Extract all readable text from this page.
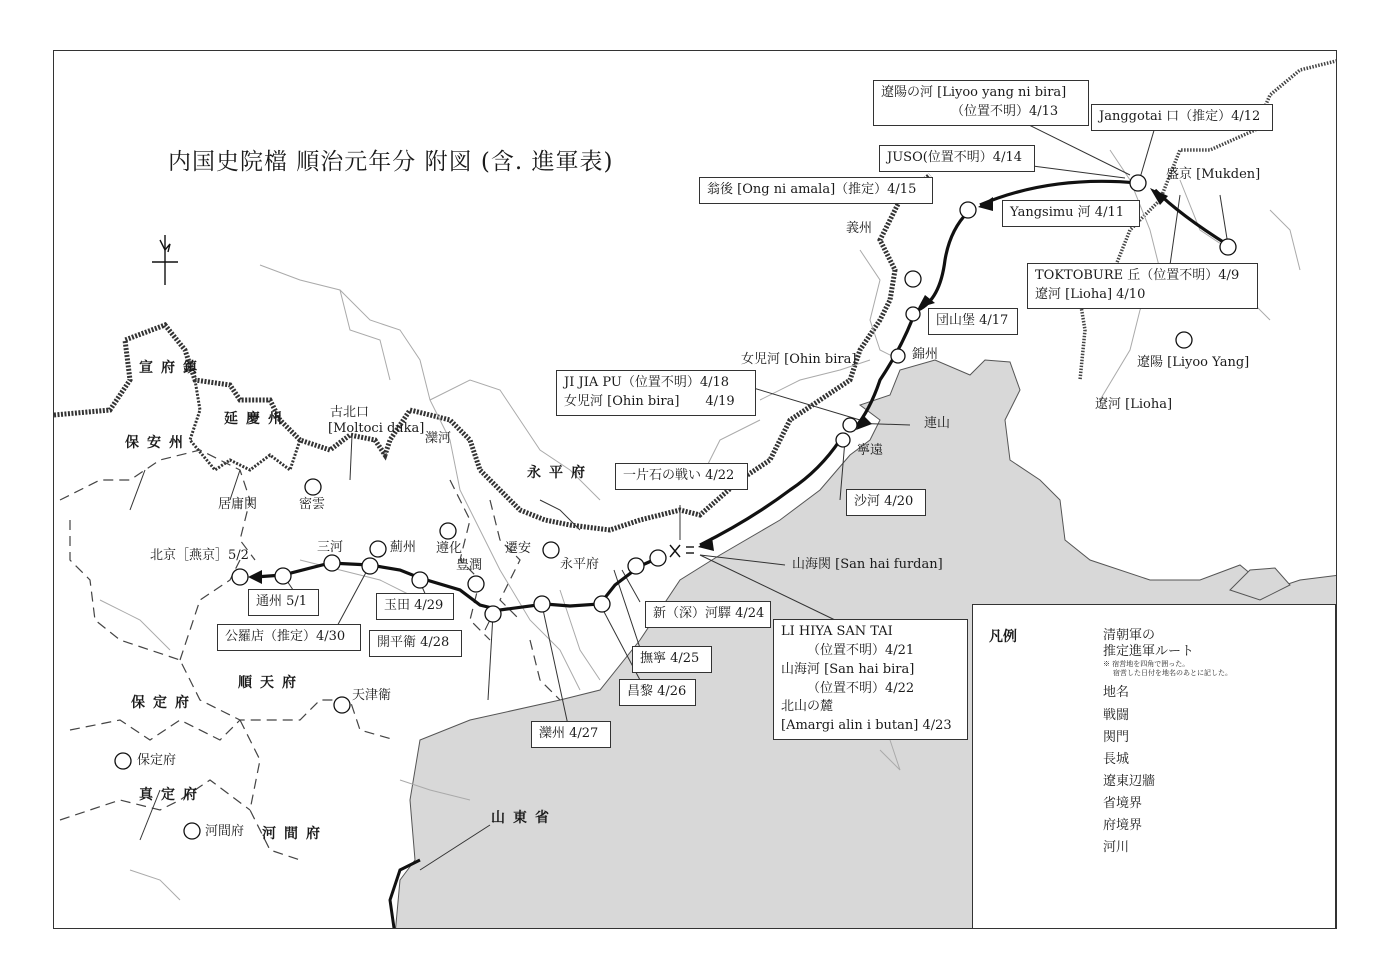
内国史院檔 順治元年分 附図 (含. 進軍表)
遼陽の河 [Liyoo yang ni bira]
（位置不明）4/13	Janggotai 口（推定）4/12
JUSO(位置不明）4/14
翁後 [Ong ni amala]（推定）4/15
Yangsimu 河 4/11
TOKTOBURE 丘（位置不明）4/9
遼河 [Lioha] 4/10
団山堡 4/17
JI JIA PU（位置不明）4/18
女児河 [Ohin bira]　　4/19
一片石の戦い 4/22
沙河 4/20
通州 5/1
公羅店（推定）4/30
玉田 4/29
開平衛 4/28
新（深）河驛 4/24
撫寧 4/25
昌黎 4/26
灤州 4/27
LI HIYA SAN TAI
（位置不明）4/21
山海河 [San hai bira]
（位置不明）4/22
北山の麓
[Amargi alin i butan] 4/23
盛京 [Mukden]
義州
錦州
女児河 [Ohin bira]
連山
寧遠
遼陽 [Liyoo Yang]
遼河 [Lioha]
山海関 [San hai furdan]
北京［燕京］5/2
三河	薊州 遵化
豊潤
遷安
永平府
灤河
古北口
[Moltoci duka]
居庸関	密雲
天津衛
保定府
河間府
宣府鎮
延慶州
保安州
永平府
順天府
保定府
真定府
河間府
山東省
凡例	清朝軍の
推定進軍ルート
※ 宿営地を四角で囲った。
宿営した日付を地名のあとに記した。
地名
戦闘
関門
長城
遼東辺牆
省境界
府境界
河川
